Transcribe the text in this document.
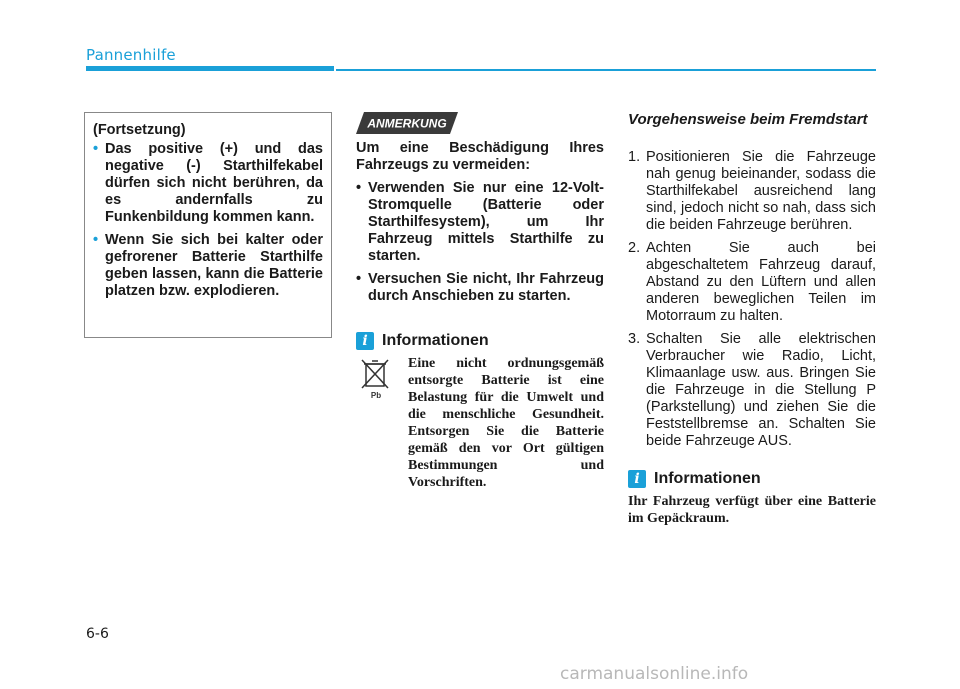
Pannenhilfe
(Fortsetzung)
• Das positive (+) und das negative (-) Starthilfekabel dürfen sich nicht berühren, da es andernfalls zu Funkenbildung kommen kann.
• Wenn Sie sich bei kalter oder gefrorener Batterie Starthilfe geben lassen, kann die Batterie platzen bzw. explodieren.
ANMERKUNG

Um eine Beschädigung Ihres Fahrzeugs zu vermeiden:

• Verwenden Sie nur eine 12-Volt-Stromquelle (Batterie oder Starthilfesystem), um Ihr Fahrzeug mittels Starthilfe zu starten.
• Versuchen Sie nicht, Ihr Fahrzeug durch Anschieben zu starten.
i Informationen
Pb
Eine nicht ordnungsgemäß entsorgte Batterie ist eine Belastung für die Umwelt und die menschliche Gesundheit. Entsorgen Sie die Batterie gemäß den vor Ort gültigen Bestimmungen und Vorschriften.
Vorgehensweise beim Fremdstart
1. Positionieren Sie die Fahrzeuge nah genug beieinander, sodass die Starthilfekabel ausreichend lang sind, jedoch nicht so nah, dass sich die beiden Fahrzeuge berühren.
2. Achten Sie auch bei abgeschaltetem Fahrzeug darauf, Abstand zu den Lüftern und allen anderen beweglichen Teilen im Motorraum zu halten.
3. Schalten Sie alle elektrischen Verbraucher wie Radio, Licht, Klimaanlage usw. aus. Bringen Sie die Fahrzeuge in die Stellung P (Parkstellung) und ziehen Sie die Feststellbremse an. Schalten Sie beide Fahrzeuge AUS.
i Informationen
Ihr Fahrzeug verfügt über eine Batterie im Gepäckraum.
6-6
carmanualsonline.info
